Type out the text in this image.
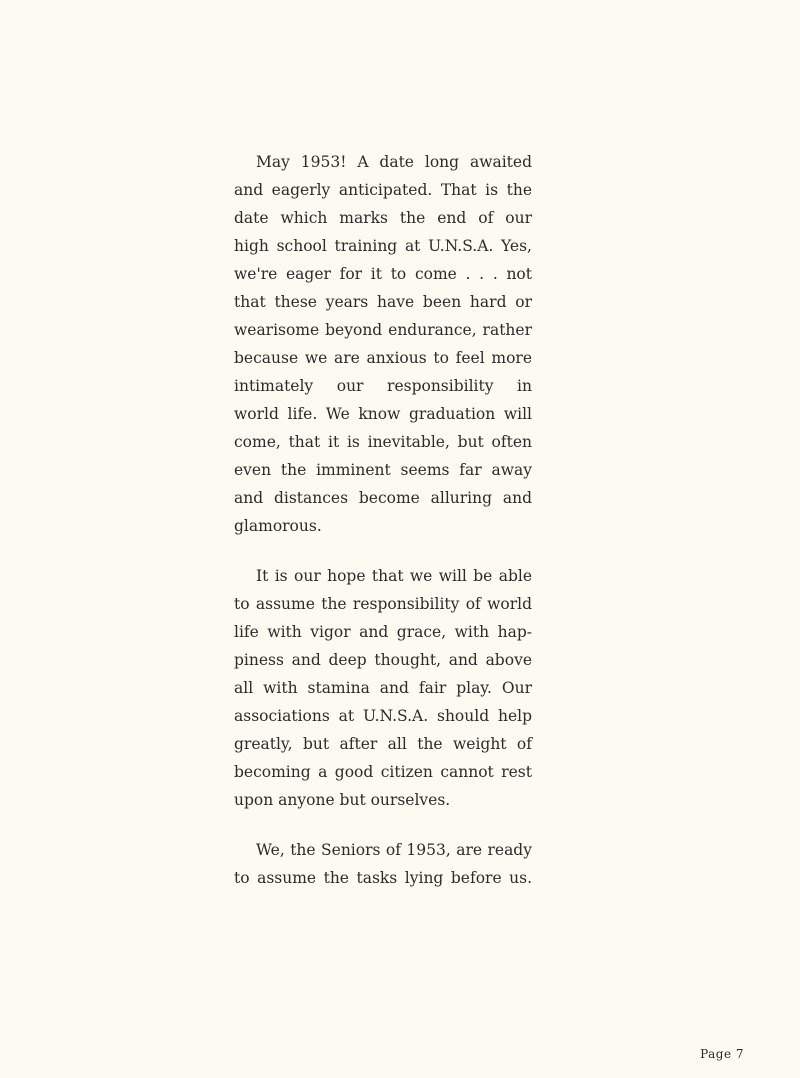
May 1953! A date long awaited
and eagerly anticipated. That is the
date which marks the end of our
high school training at U.N.S.A. Yes,
we're eager for it to come . . . not
that these years have been hard or
wearisome beyond endurance, rather
because we are anxious to feel more
intimately our responsibility in
world life. We know graduation will
come, that it is inevitable, but often
even the imminent seems far away
and distances become alluring and
glamorous.

It is our hope that we will be able
to assume the responsibility of world
life with vigor and grace, with hap-
piness and deep thought, and above
all with stamina and fair play. Our
associations at U.N.S.A. should help
greatly, but after all the weight of
becoming a good citizen cannot rest
upon anyone but ourselves.

We, the Seniors of 1953, are ready
to assume the tasks lying before us.

Page 7
